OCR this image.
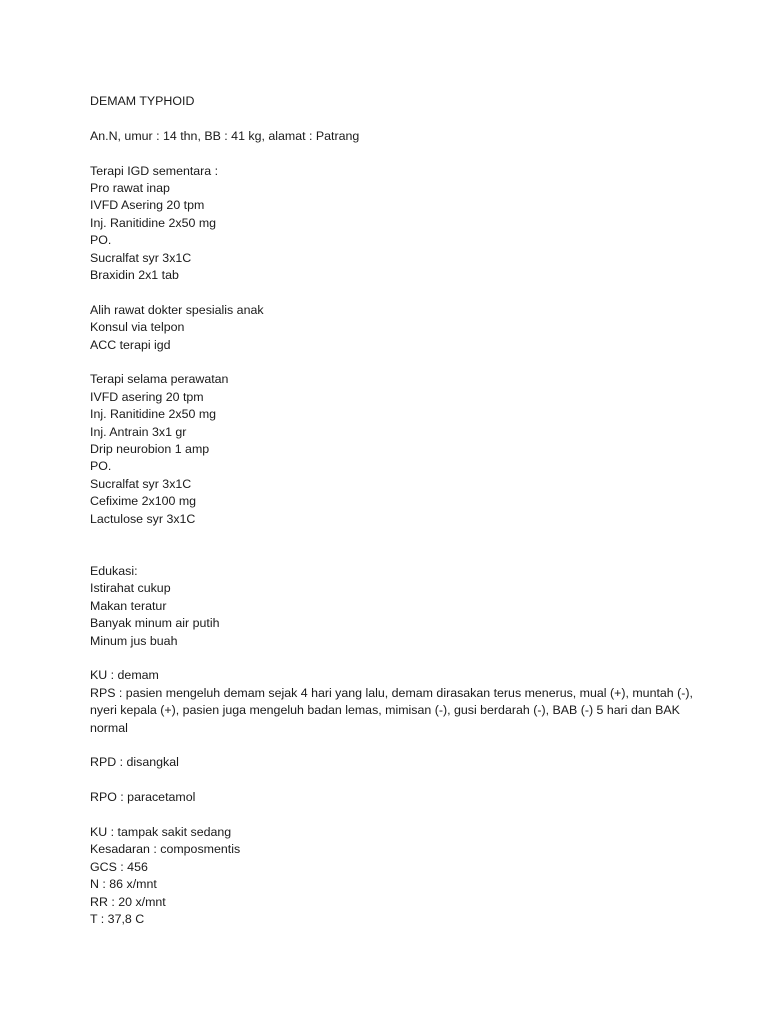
DEMAM TYPHOID
An.N, umur : 14 thn, BB : 41 kg, alamat : Patrang
Terapi IGD sementara :
Pro rawat inap
IVFD Asering 20 tpm
Inj. Ranitidine 2x50 mg
PO.
Sucralfat syr 3x1C
Braxidin 2x1 tab
Alih rawat dokter spesialis anak
Konsul via telpon
ACC terapi igd
Terapi selama perawatan
IVFD asering 20 tpm
Inj. Ranitidine 2x50 mg
Inj. Antrain 3x1 gr
Drip neurobion 1 amp
PO.
Sucralfat syr 3x1C
Cefixime 2x100 mg
Lactulose syr 3x1C
Edukasi:
Istirahat cukup
Makan teratur
Banyak minum air putih
Minum jus buah
KU : demam
RPS : pasien mengeluh demam sejak 4 hari yang lalu, demam dirasakan terus menerus, mual (+), muntah (-), nyeri kepala (+), pasien juga mengeluh badan lemas, mimisan (-), gusi berdarah (-), BAB (-) 5 hari dan BAK normal
RPD : disangkal
RPO : paracetamol
KU : tampak sakit sedang
Kesadaran : composmentis
GCS : 456
N : 86 x/mnt
RR : 20 x/mnt
T : 37,8 C
